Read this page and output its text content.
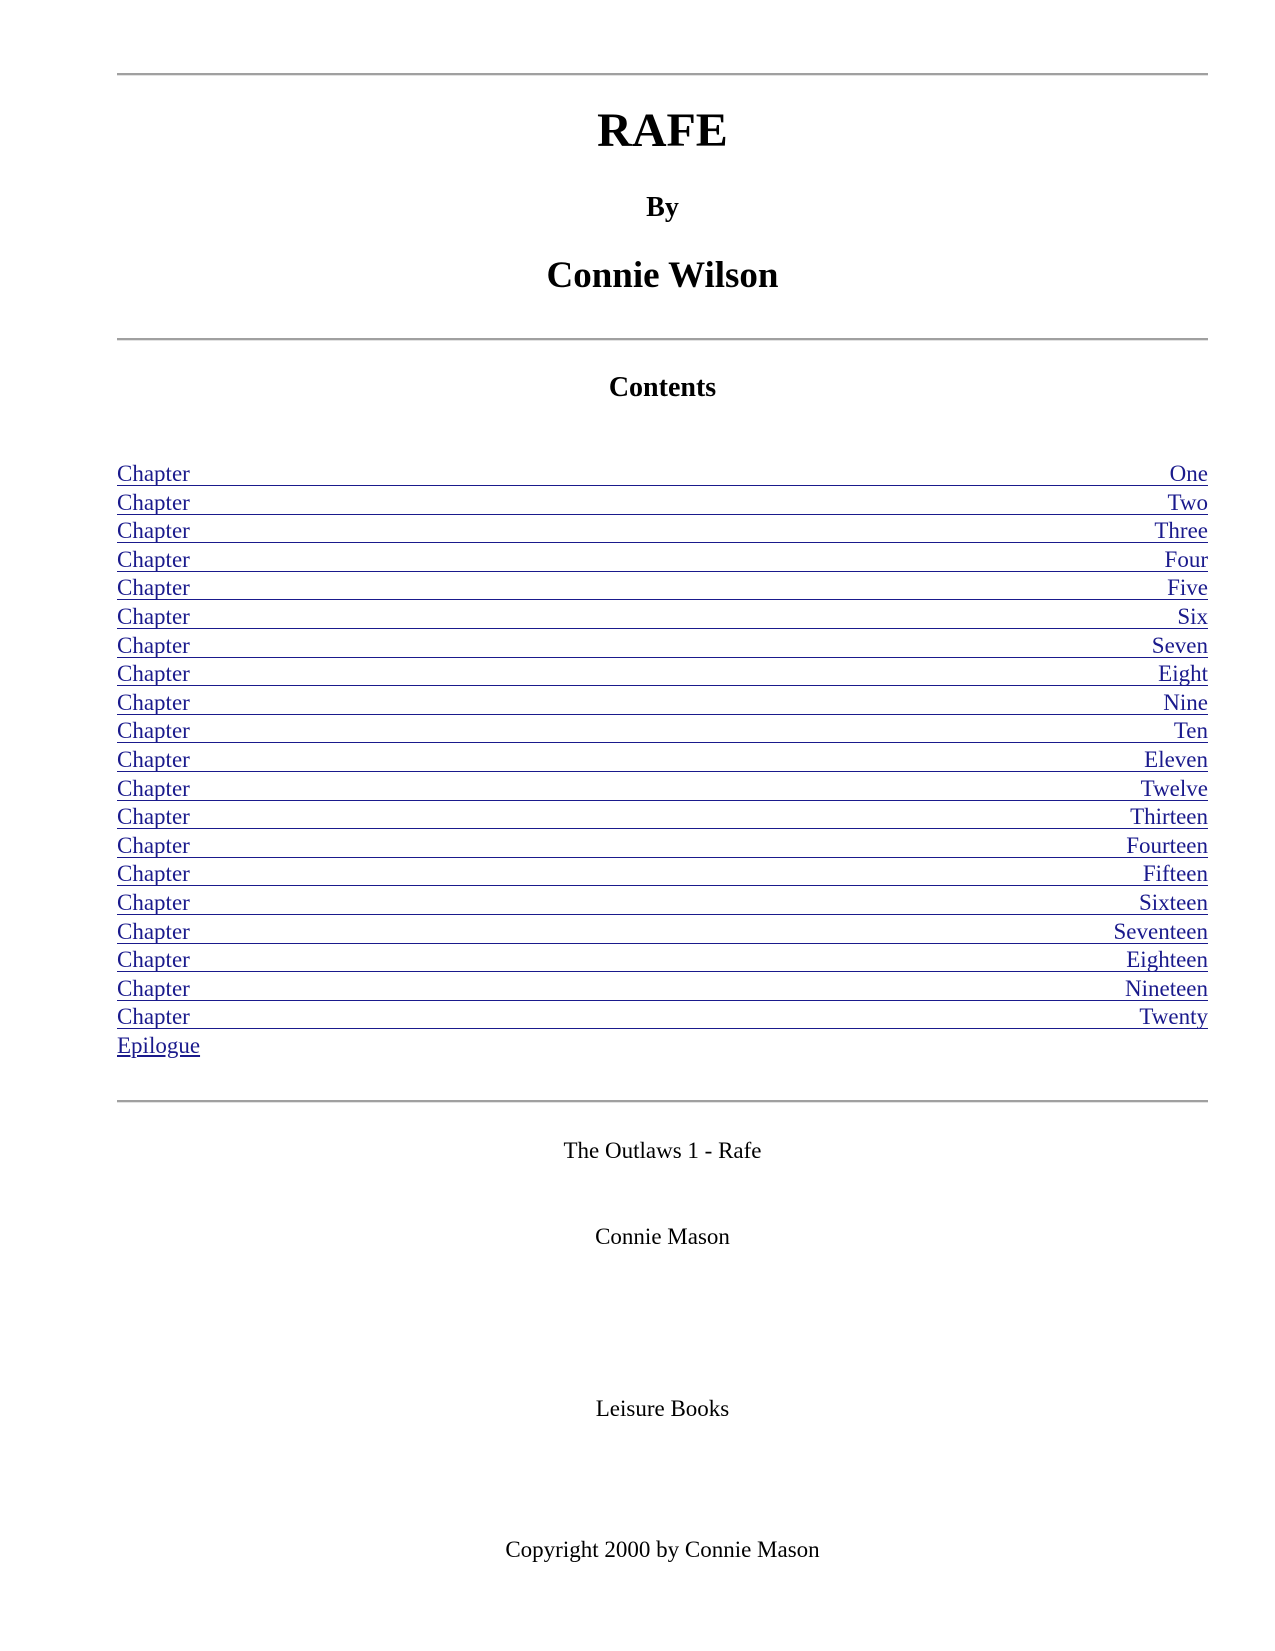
RAFE
By
Connie Wilson
Contents
Chapter	One
Chapter	Two
Chapter	Three
Chapter	Four
Chapter	Five
Chapter	Six
Chapter	Seven
Chapter	Eight
Chapter	Nine
Chapter	Ten
Chapter	Eleven
Chapter	Twelve
Chapter	Thirteen
Chapter	Fourteen
Chapter	Fifteen
Chapter	Sixteen
Chapter	Seventeen
Chapter	Eighteen
Chapter	Nineteen
Chapter	Twenty
Epilogue

The Outlaws 1 - Rafe

Connie Mason

Leisure Books

Copyright 2000 by Connie Mason
